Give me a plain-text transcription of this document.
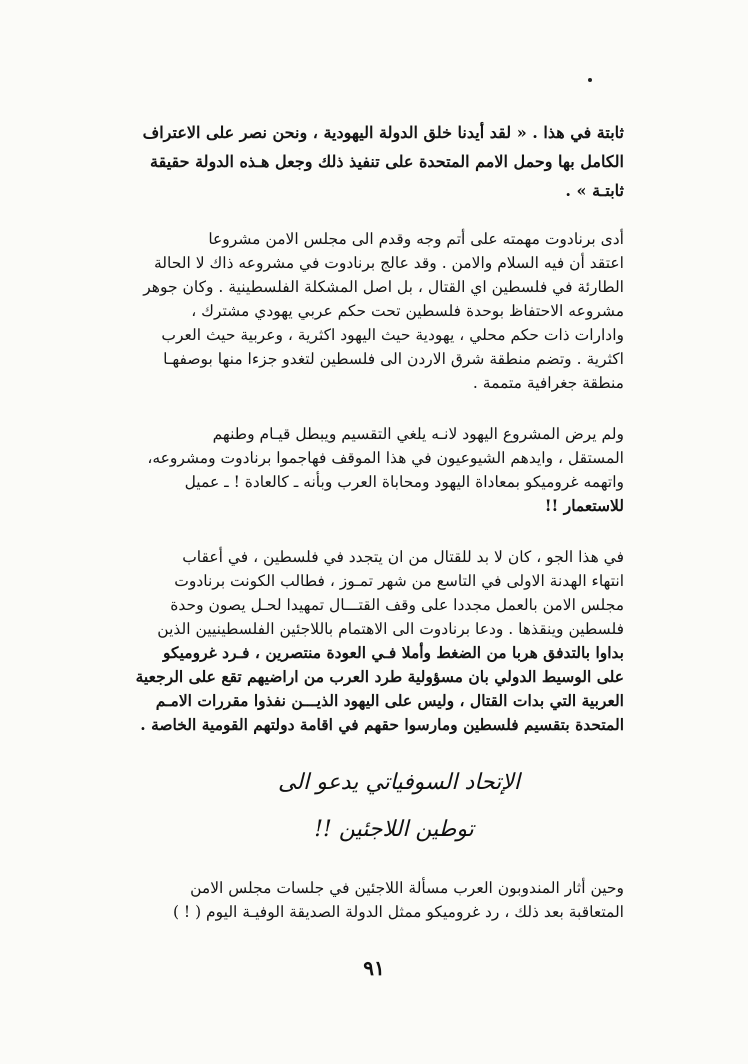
ثابتة في هذا . « لقد أيدنا خلق الدولة اليهودية ، ونحن نصر على الاعتراف
الكامل بها وحمل الامم المتحدة على تنفيذ ذلك وجعل هـذه الدولة حقيقة
ثابتـة » .
أدى برنادوت مهمته على أتم وجه وقدم الى مجلس الامن مشروعا
اعتقد أن فيه السلام والامن . وقد عالج برنادوت في مشروعه ذاك لا الحالة
الطارئة في فلسطين اي القتال ، بل اصل المشكلة الفلسطينية . وكان جوهر
مشروعه الاحتفاظ بوحدة فلسطين تحت حكم عربي يهودي مشترك ،
وادارات ذات حكم محلي ، يهودية حيث اليهود اكثرية ، وعربية حيث العرب
اكثرية . وتضم منطقة شرق الاردن الى فلسطين لتغدو جزءا منها بوصفهـا
منطقة جغرافية متممة .
ولم يرض المشروع اليهود لانـه يلغي التقسيم ويبطل قيـام وطنهم
المستقل ، وايدهم الشيوعيون في هذا الموقف فهاجموا برنادوت ومشروعه،
واتهمه غروميكو بمعاداة اليهود ومحاباة العرب وبأنه ـ كالعادة ! ـ عميل
للاستعمار !!
في هذا الجو ، كان لا بد للقتال من ان يتجدد في فلسطين ، في أعقاب
انتهاء الهدنة الاولى في التاسع من شهر تمـوز ، فطالب الكونت برنادوت
مجلس الامن بالعمل مجددا على وقف القتـــال تمهيدا لحـل يصون وحدة
فلسطين وينقذها . ودعا برنادوت الى الاهتمام باللاجئين الفلسطينيين الذين
بداوا بالتدفق هربا من الضغط وأملا فـي العودة منتصرين ، فـرد غروميكو
على الوسيط الدولي بان مسؤولية طرد العرب من اراضيهم تقع على الرجعية
العربية التي بدات القتال ، وليس على اليهود الذيـــن نفذوا مقررات الامـم
المتحدة بتقسيم فلسطين ومارسوا حقهم في اقامة دولتهم القومية الخاصة .
الإتحاد السوفياتي يدعو الى
توطين اللاجئين !!
وحين أثار المندوبون العرب مسألة اللاجئين في جلسات مجلس الامن
المتعاقبة بعد ذلك ، رد غروميكو ممثل الدولة الصديقة الوفيـة اليوم ( ! )
٩١
